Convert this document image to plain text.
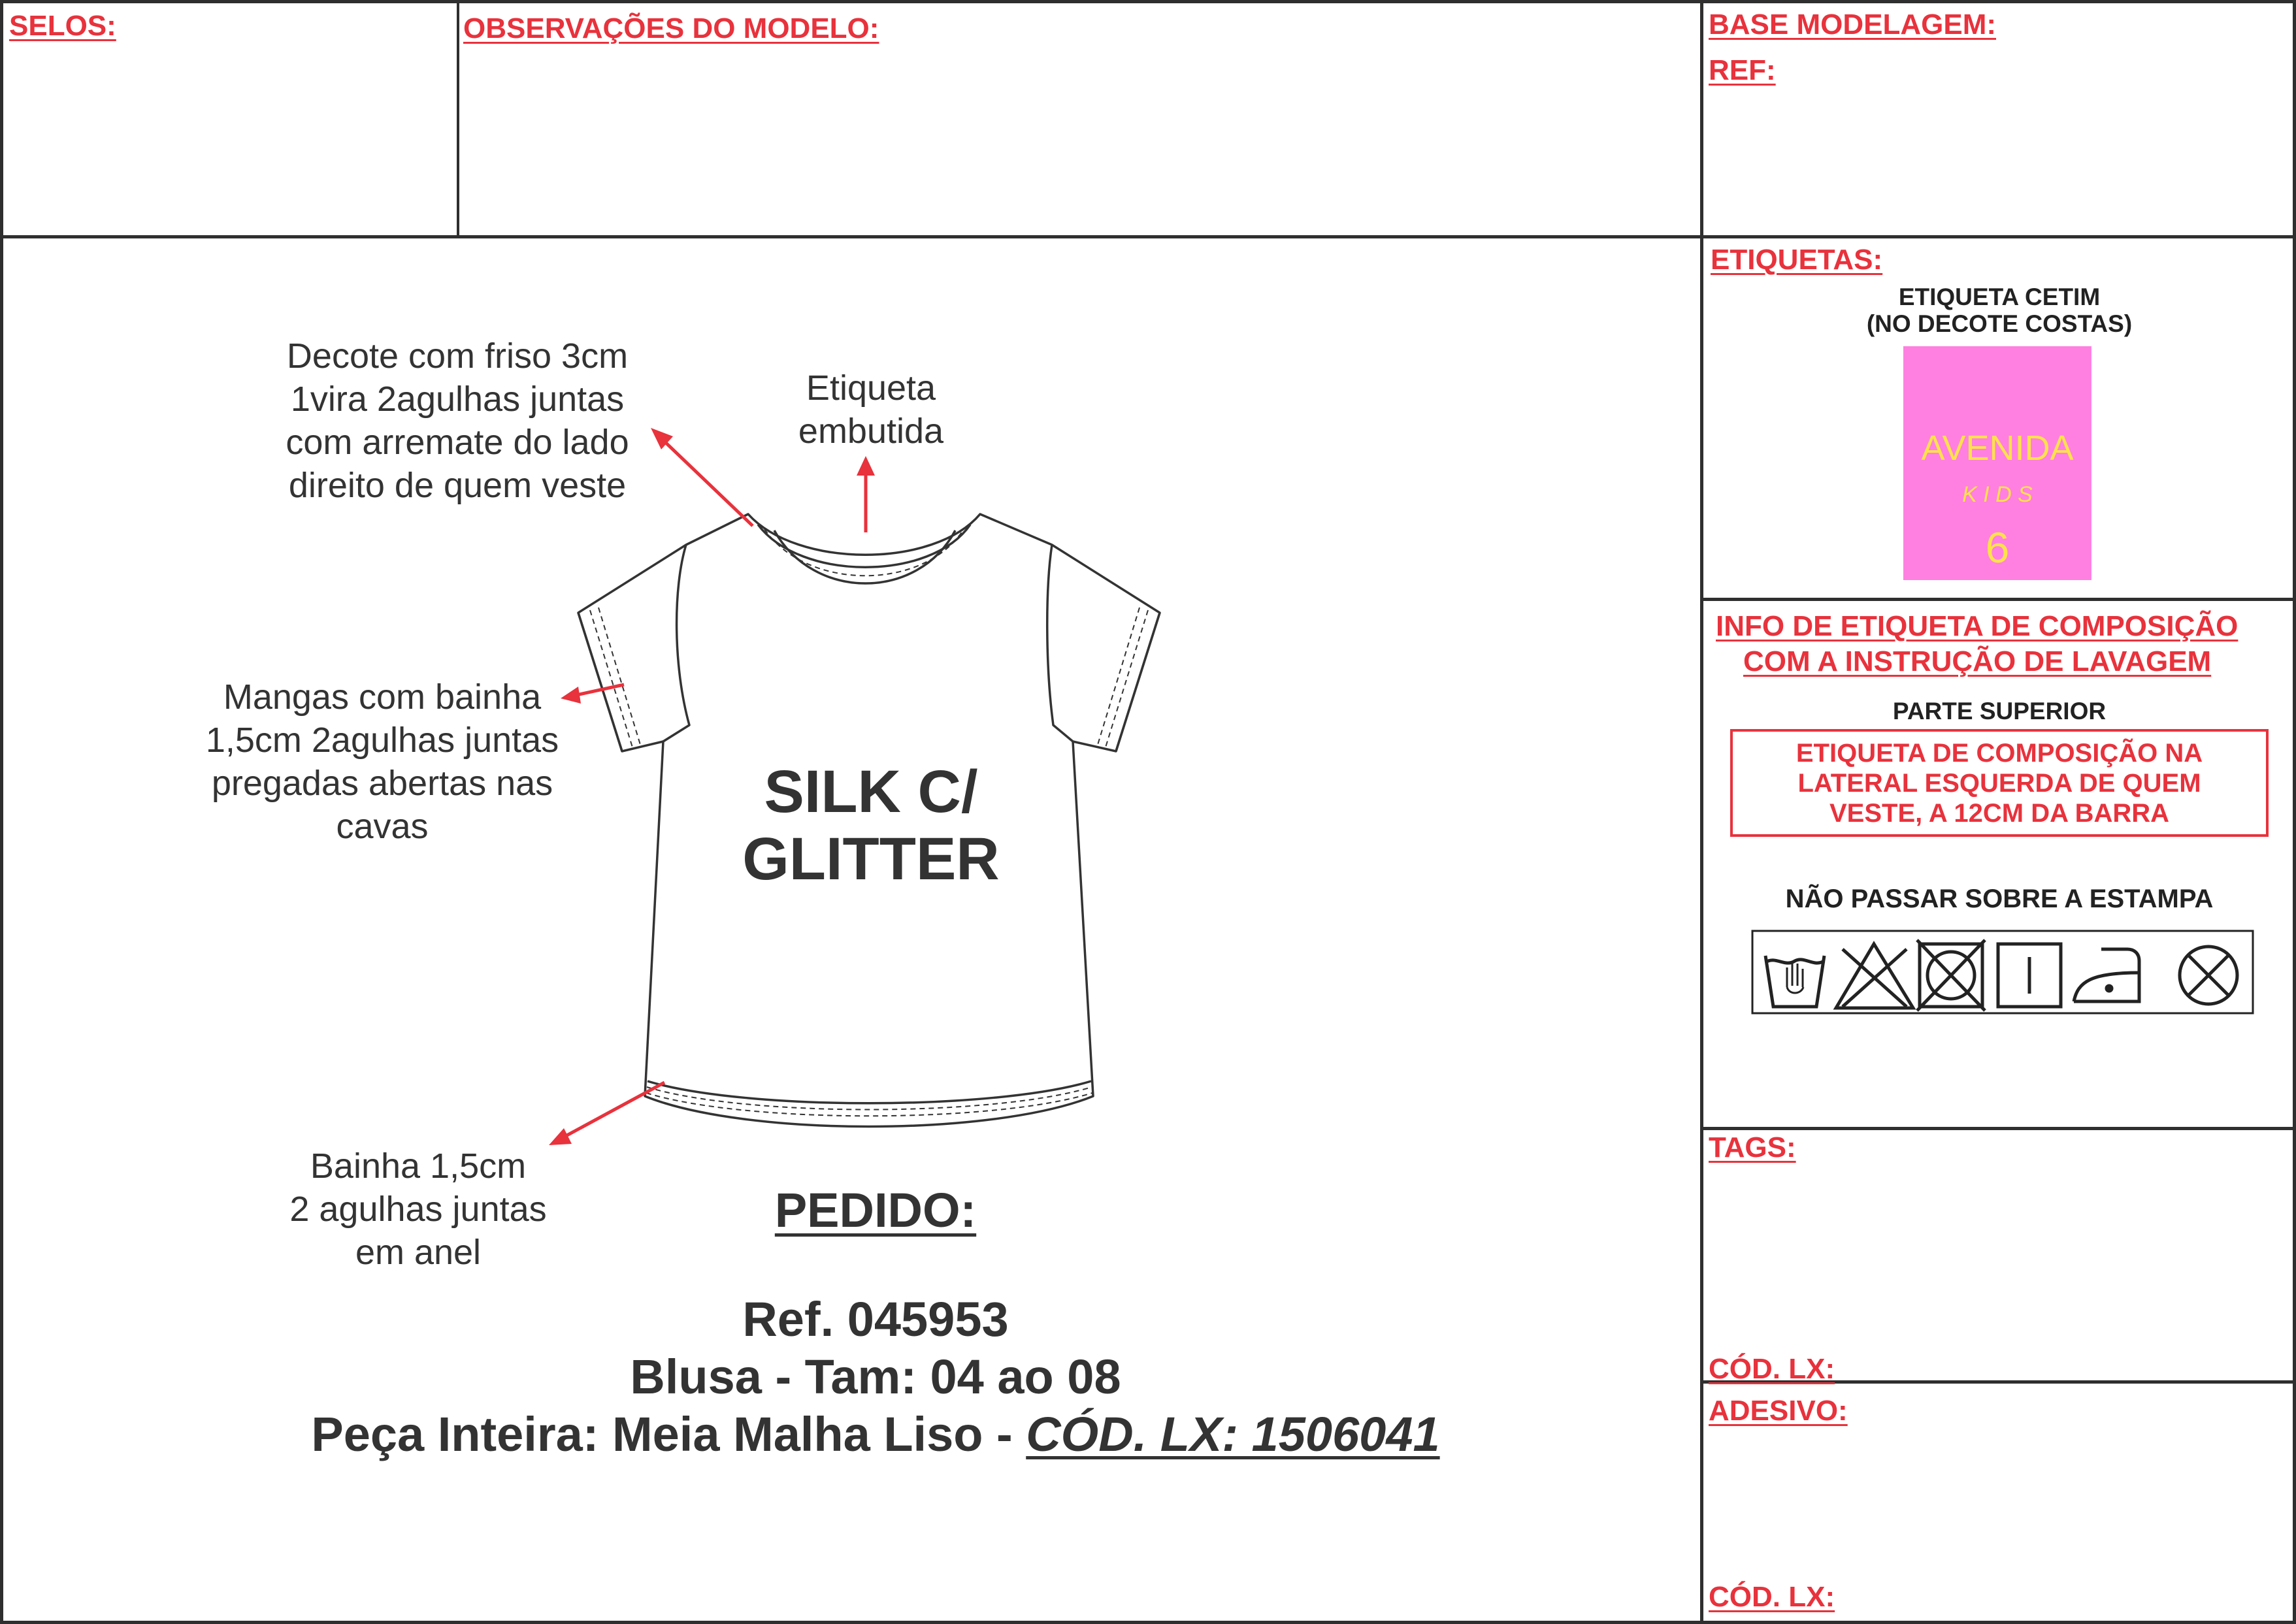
SELOS:	OBSERVAÇÕES DO MODELO:	BASE MODELAGEM:
REF:
SILK C/
GLITTER
Decote com friso 3cm
1vira 2agulhas juntas
com arremate do lado
direito de quem veste
Etiqueta
embutida
Mangas com bainha
1,5cm 2agulhas juntas
pregadas abertas nas
cavas
Bainha 1,5cm
2 agulhas juntas
em anel
PEDIDO:
Ref. 045953
Blusa - Tam: 04 ao 08
Peça Inteira: Meia Malha Liso - CÓD. LX: 1506041
ETIQUETAS:
ETIQUETA CETIM
(NO DECOTE COSTAS)
AVENIDA
K I D S
6
INFO DE ETIQUETA DE COMPOSIÇÃO
COM A INSTRUÇÃO DE LAVAGEM
PARTE SUPERIOR
ETIQUETA DE COMPOSIÇÃO NA
LATERAL ESQUERDA DE QUEM
VESTE, A 12CM DA BARRA
NÃO PASSAR SOBRE A ESTAMPA
TAGS:
CÓD. LX:
ADESIVO:
CÓD. LX:
